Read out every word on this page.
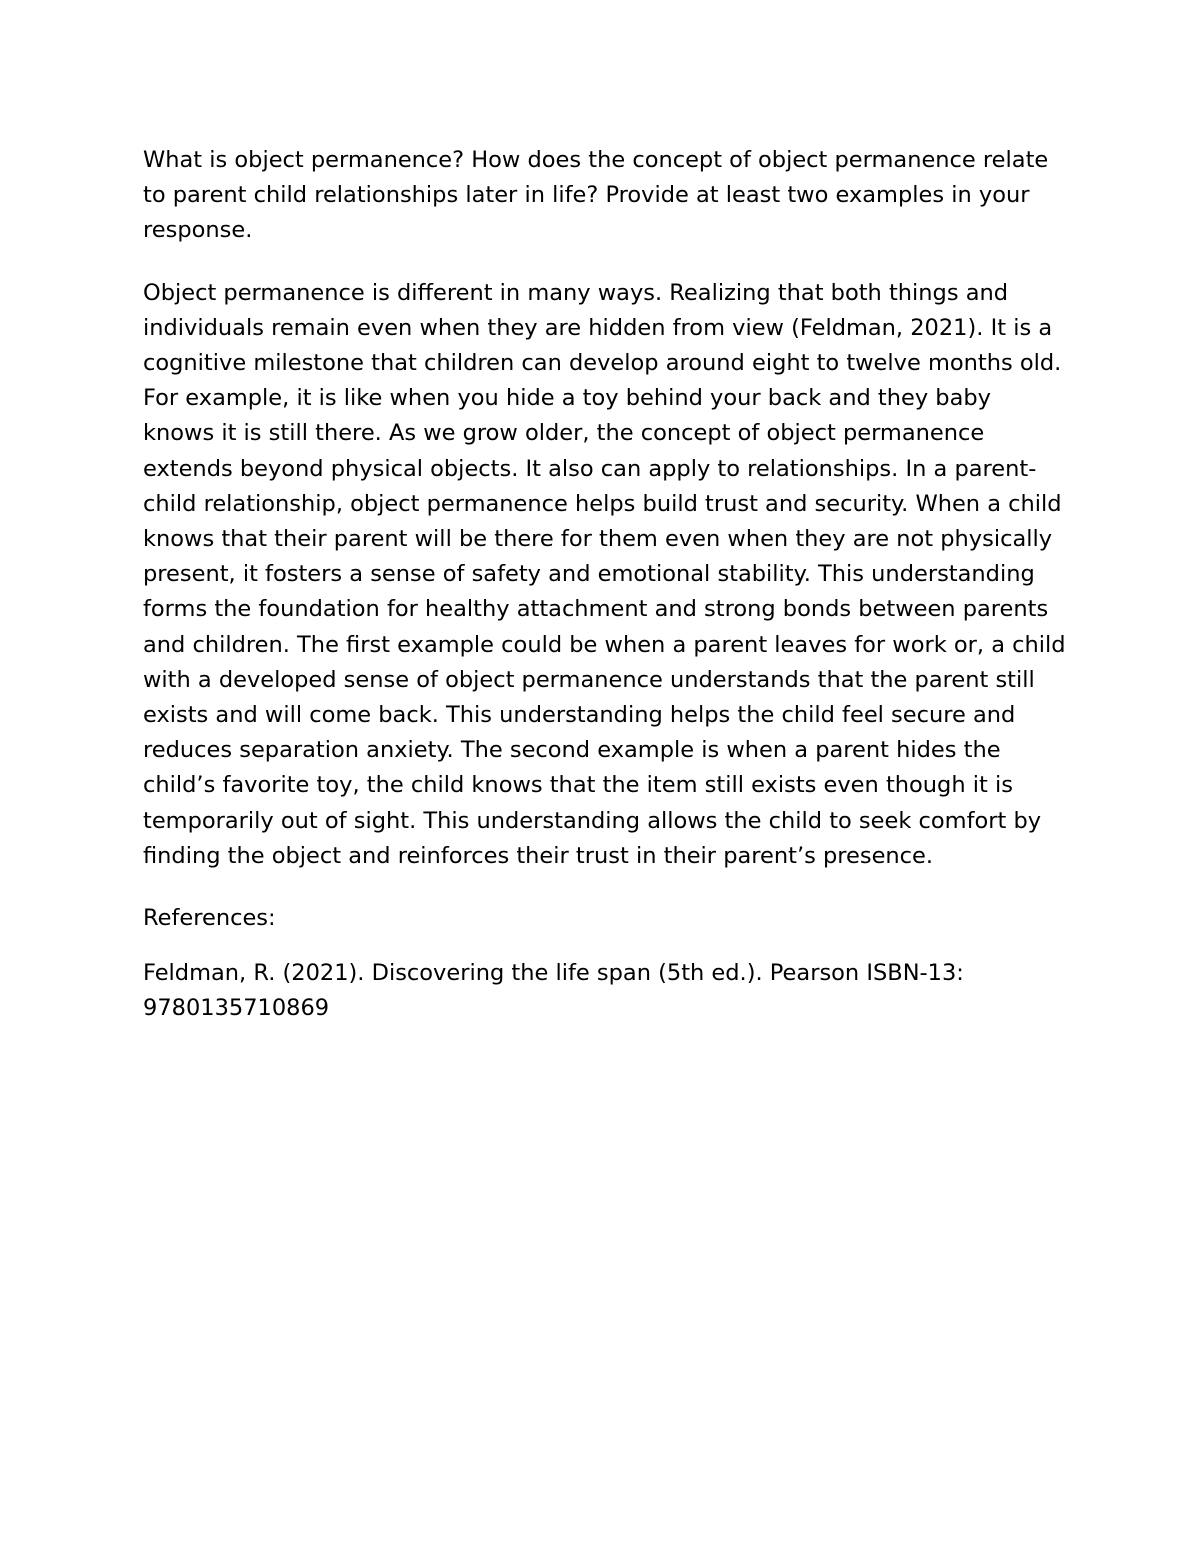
What is object permanence? How does the concept of object permanence relate to parent child relationships later in life? Provide at least two examples in your response.

Object permanence is different in many ways. Realizing that both things and individuals remain even when they are hidden from view (Feldman, 2021). It is a cognitive milestone that children can develop around eight to twelve months old. For example, it is like when you hide a toy behind your back and they baby knows it is still there. As we grow older, the concept of object permanence extends beyond physical objects. It also can apply to relationships. In a parent-child relationship, object permanence helps build trust and security. When a child knows that their parent will be there for them even when they are not physically present, it fosters a sense of safety and emotional stability. This understanding forms the foundation for healthy attachment and strong bonds between parents and children. The first example could be when a parent leaves for work or, a child with a developed sense of object permanence understands that the parent still exists and will come back. This understanding helps the child feel secure and reduces separation anxiety. The second example is when a parent hides the child’s favorite toy, the child knows that the item still exists even though it is temporarily out of sight. This understanding allows the child to seek comfort by finding the object and reinforces their trust in their parent’s presence.

References:

Feldman, R. (2021). Discovering the life span (5th ed.). Pearson ISBN-13: 9780135710869
